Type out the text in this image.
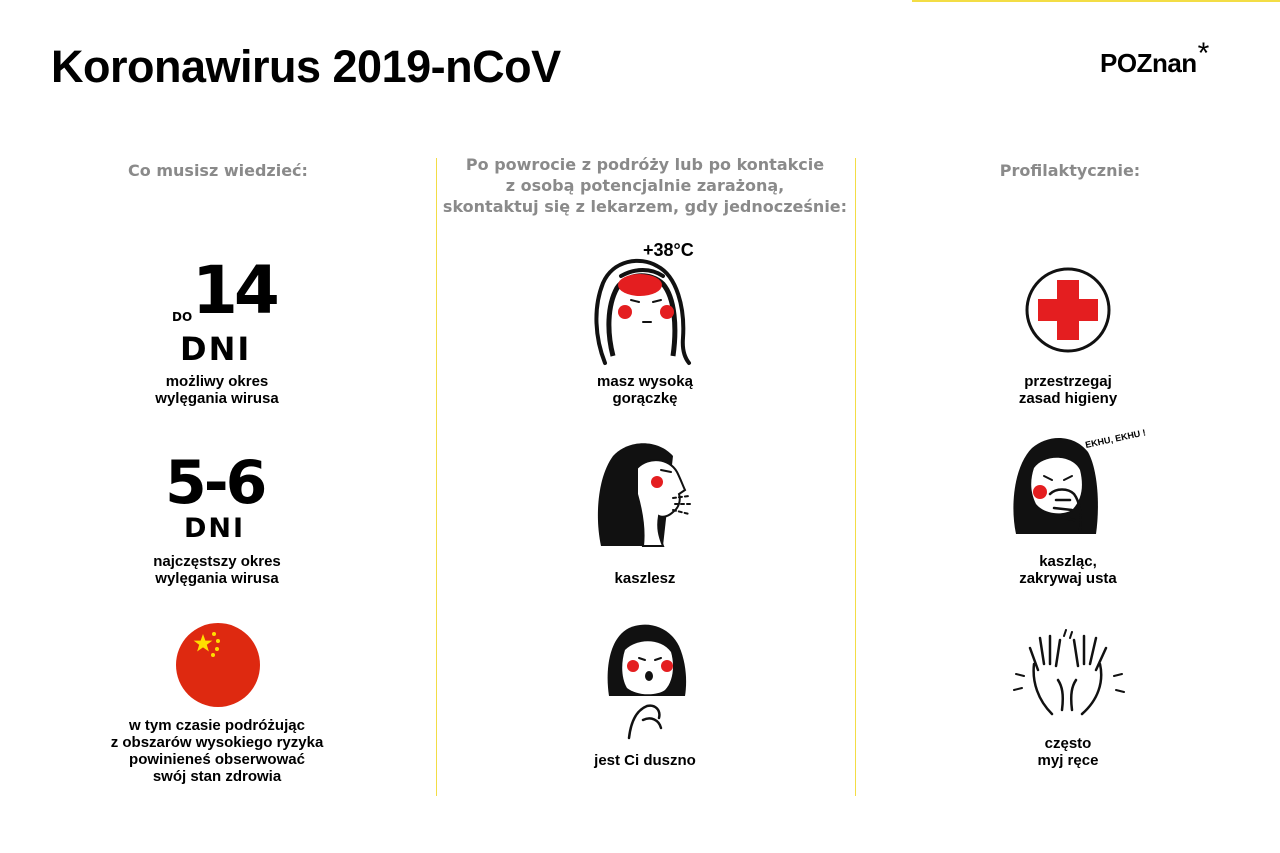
Koronawirus 2019-nCoV	POZnan *
Co musisz wiedzieć:	Po powrocie z podróży lub po kontakcie
z osobą potencjalnie zarażoną,
skontaktuj się z lekarzem, gdy jednocześnie:
Profilaktycznie:
DO 14
DNI
możliwy okres
wylęgania wirusa
5-6
DNI
najczęstszy okres
wylęgania wirusa
w tym czasie podróżując
z obszarów wysokiego ryzyka
powinieneś obserwować
swój stan zdrowia
+38°C
masz wysoką
gorączkę
kaszlesz
jest Ci duszno
przestrzegaj
zasad higieny
EKHU, EKHU !
kaszląc,
zakrywaj usta
często
myj ręce
